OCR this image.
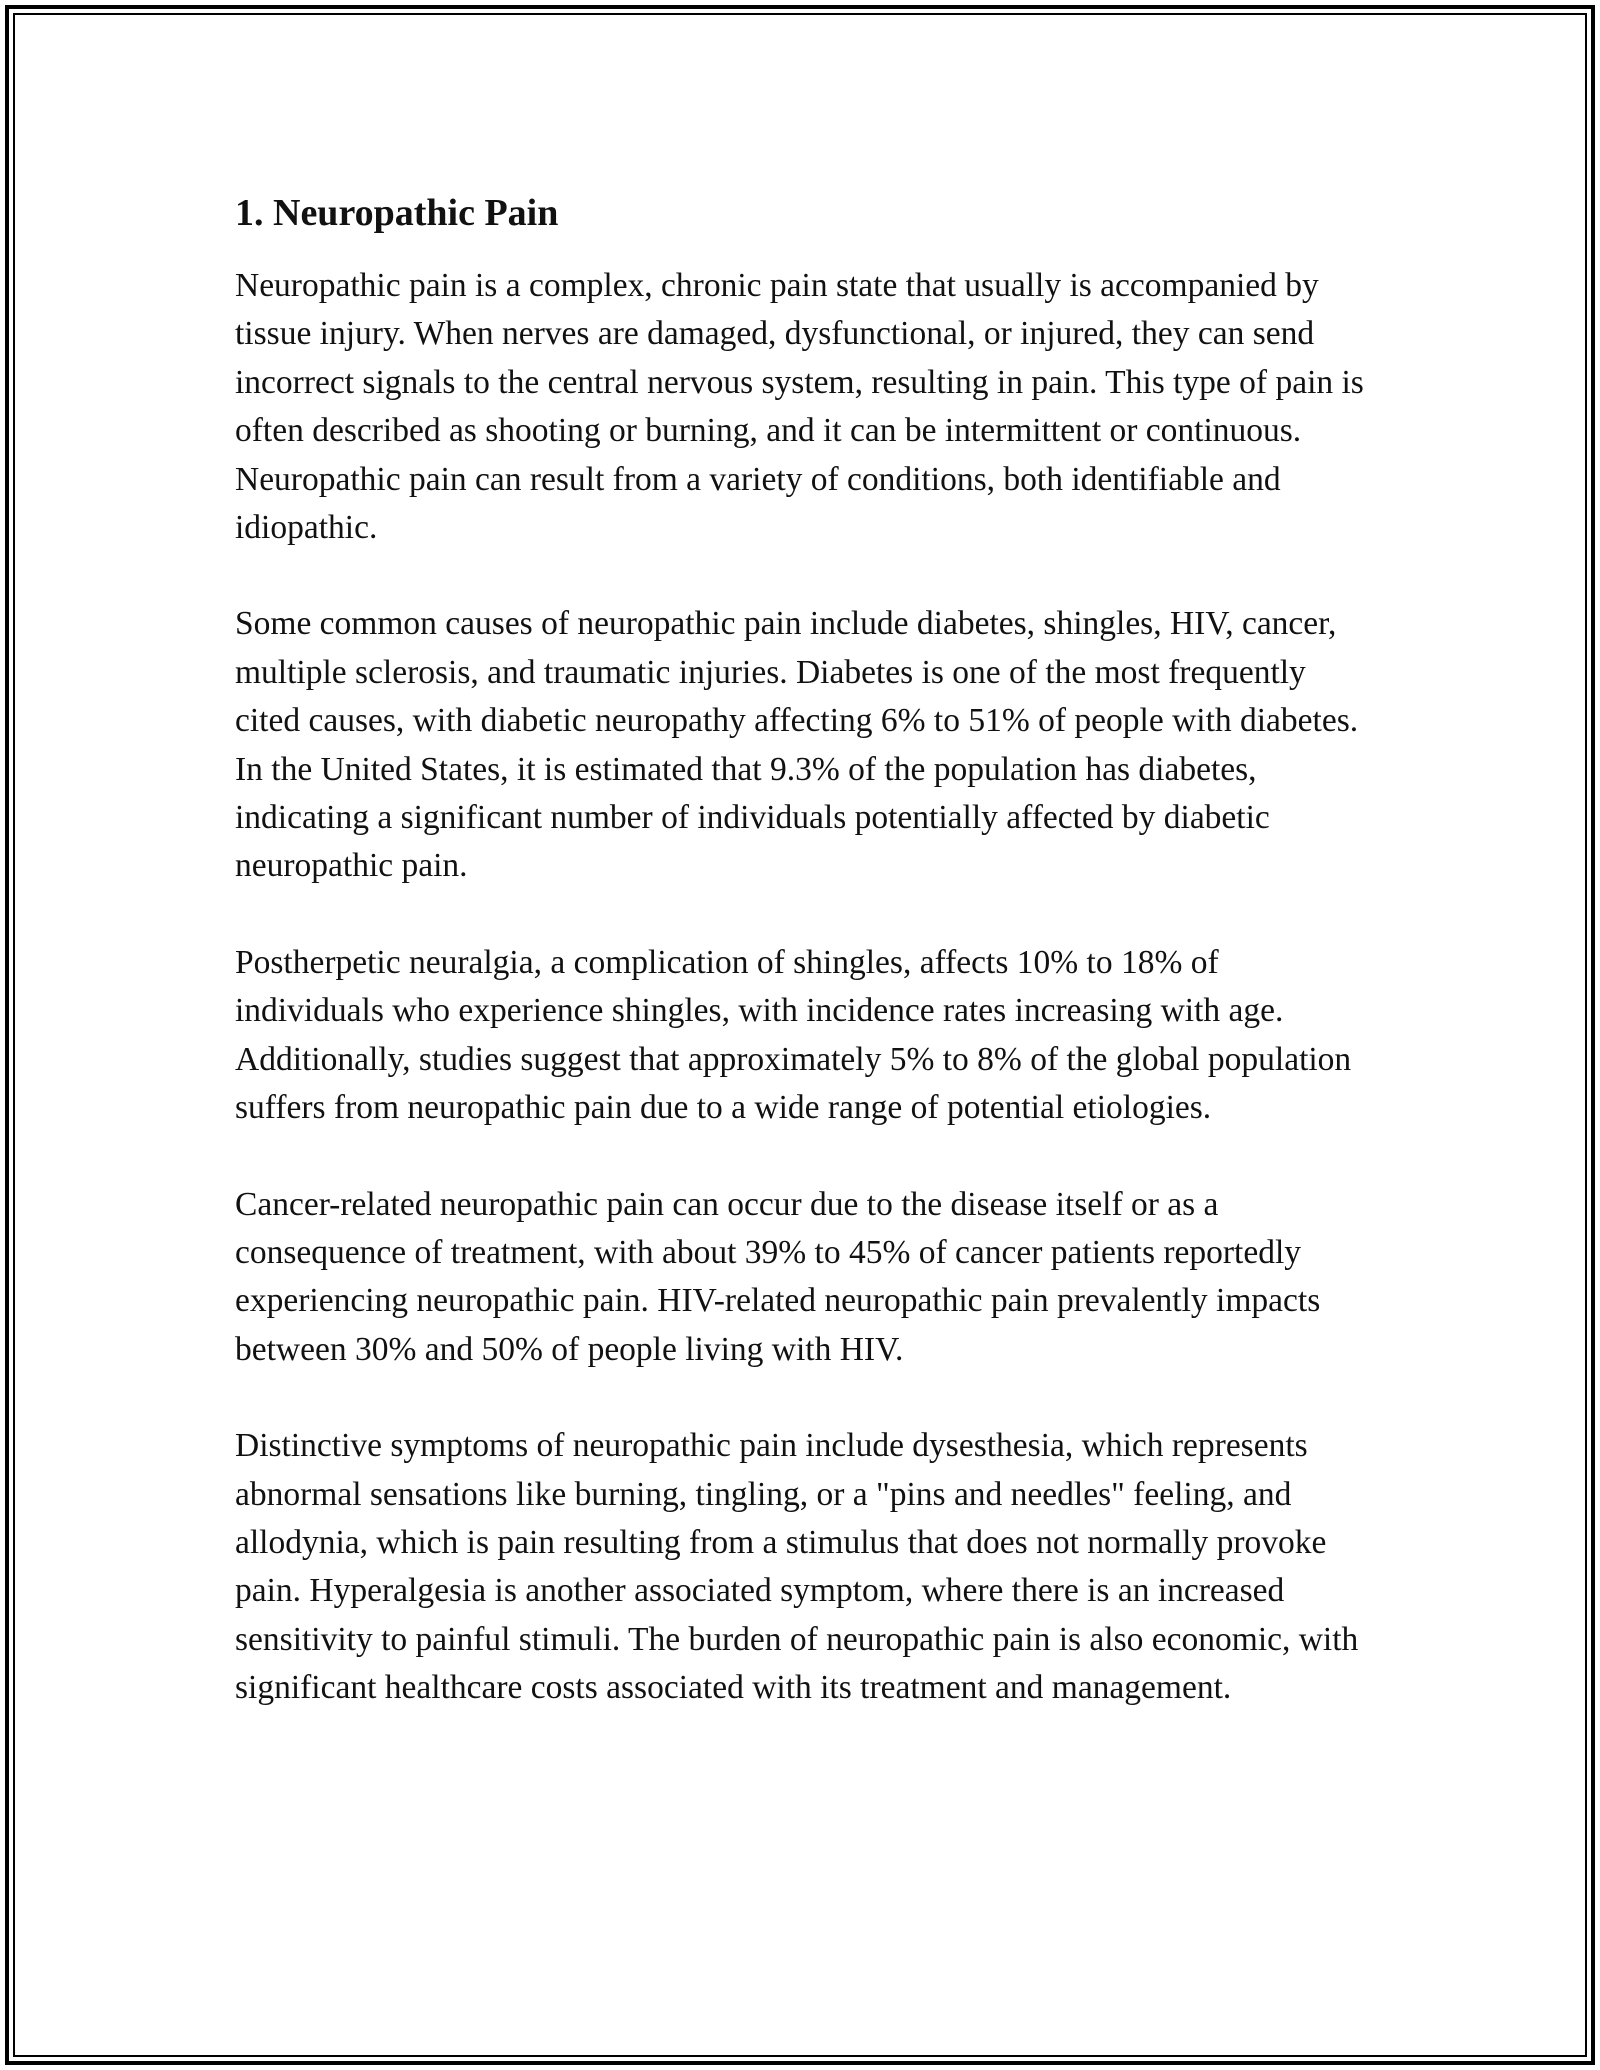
1. Neuropathic Pain

Neuropathic pain is a complex, chronic pain state that usually is accompanied by tissue injury. When nerves are damaged, dysfunctional, or injured, they can send incorrect signals to the central nervous system, resulting in pain. This type of pain is often described as shooting or burning, and it can be intermittent or continuous. Neuropathic pain can result from a variety of conditions, both identifiable and idiopathic.

Some common causes of neuropathic pain include diabetes, shingles, HIV, cancer, multiple sclerosis, and traumatic injuries. Diabetes is one of the most frequently cited causes, with diabetic neuropathy affecting 6% to 51% of people with diabetes. In the United States, it is estimated that 9.3% of the population has diabetes, indicating a significant number of individuals potentially affected by diabetic neuropathic pain.

Postherpetic neuralgia, a complication of shingles, affects 10% to 18% of individuals who experience shingles, with incidence rates increasing with age. Additionally, studies suggest that approximately 5% to 8% of the global population suffers from neuropathic pain due to a wide range of potential etiologies.

Cancer-related neuropathic pain can occur due to the disease itself or as a consequence of treatment, with about 39% to 45% of cancer patients reportedly experiencing neuropathic pain. HIV-related neuropathic pain prevalently impacts between 30% and 50% of people living with HIV.

Distinctive symptoms of neuropathic pain include dysesthesia, which represents abnormal sensations like burning, tingling, or a "pins and needles" feeling, and allodynia, which is pain resulting from a stimulus that does not normally provoke pain. Hyperalgesia is another associated symptom, where there is an increased sensitivity to painful stimuli. The burden of neuropathic pain is also economic, with significant healthcare costs associated with its treatment and management.
